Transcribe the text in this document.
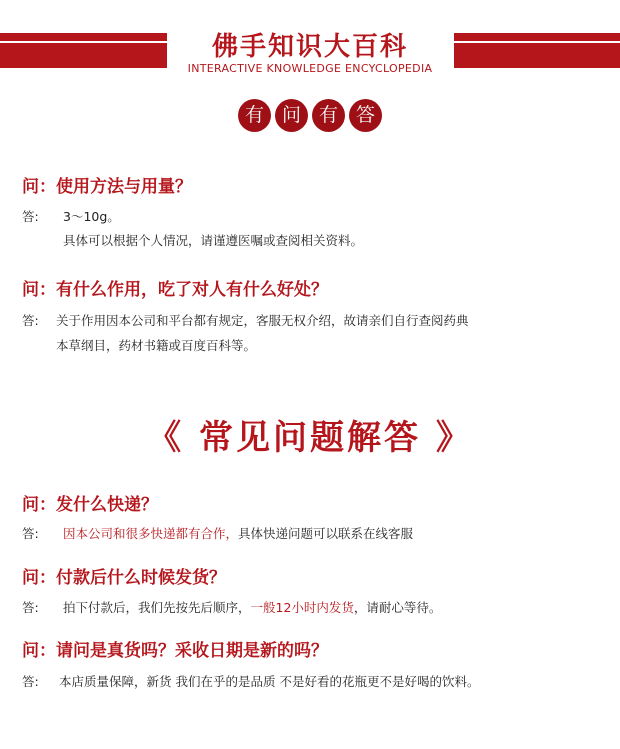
佛手知识大百科
INTERACTIVE KNOWLEDGE ENCYCLOPEDIA
有 问 有 答
问：使用方法与用量？
答: 3～10g。
具体可以根据个人情况，请谨遵医嘱或查阅相关资料。
问：有什么作用，吃了对人有什么好处？
答: 关于作用因本公司和平台都有规定，客服无权介绍，故请亲们自行查阅药典
本草纲目，药材书籍或百度百科等。
《 常见问题解答 》
问：发什么快递？
答: 因本公司和很多快递都有合作，具体快递问题可以联系在线客服
问：付款后什么时候发货？
答: 拍下付款后，我们先按先后顺序，一般12小时内发货，请耐心等待。
问：请问是真货吗？采收日期是新的吗？
答: 本店质量保障，新货 我们在乎的是品质 不是好看的花瓶更不是好喝的饮料。
